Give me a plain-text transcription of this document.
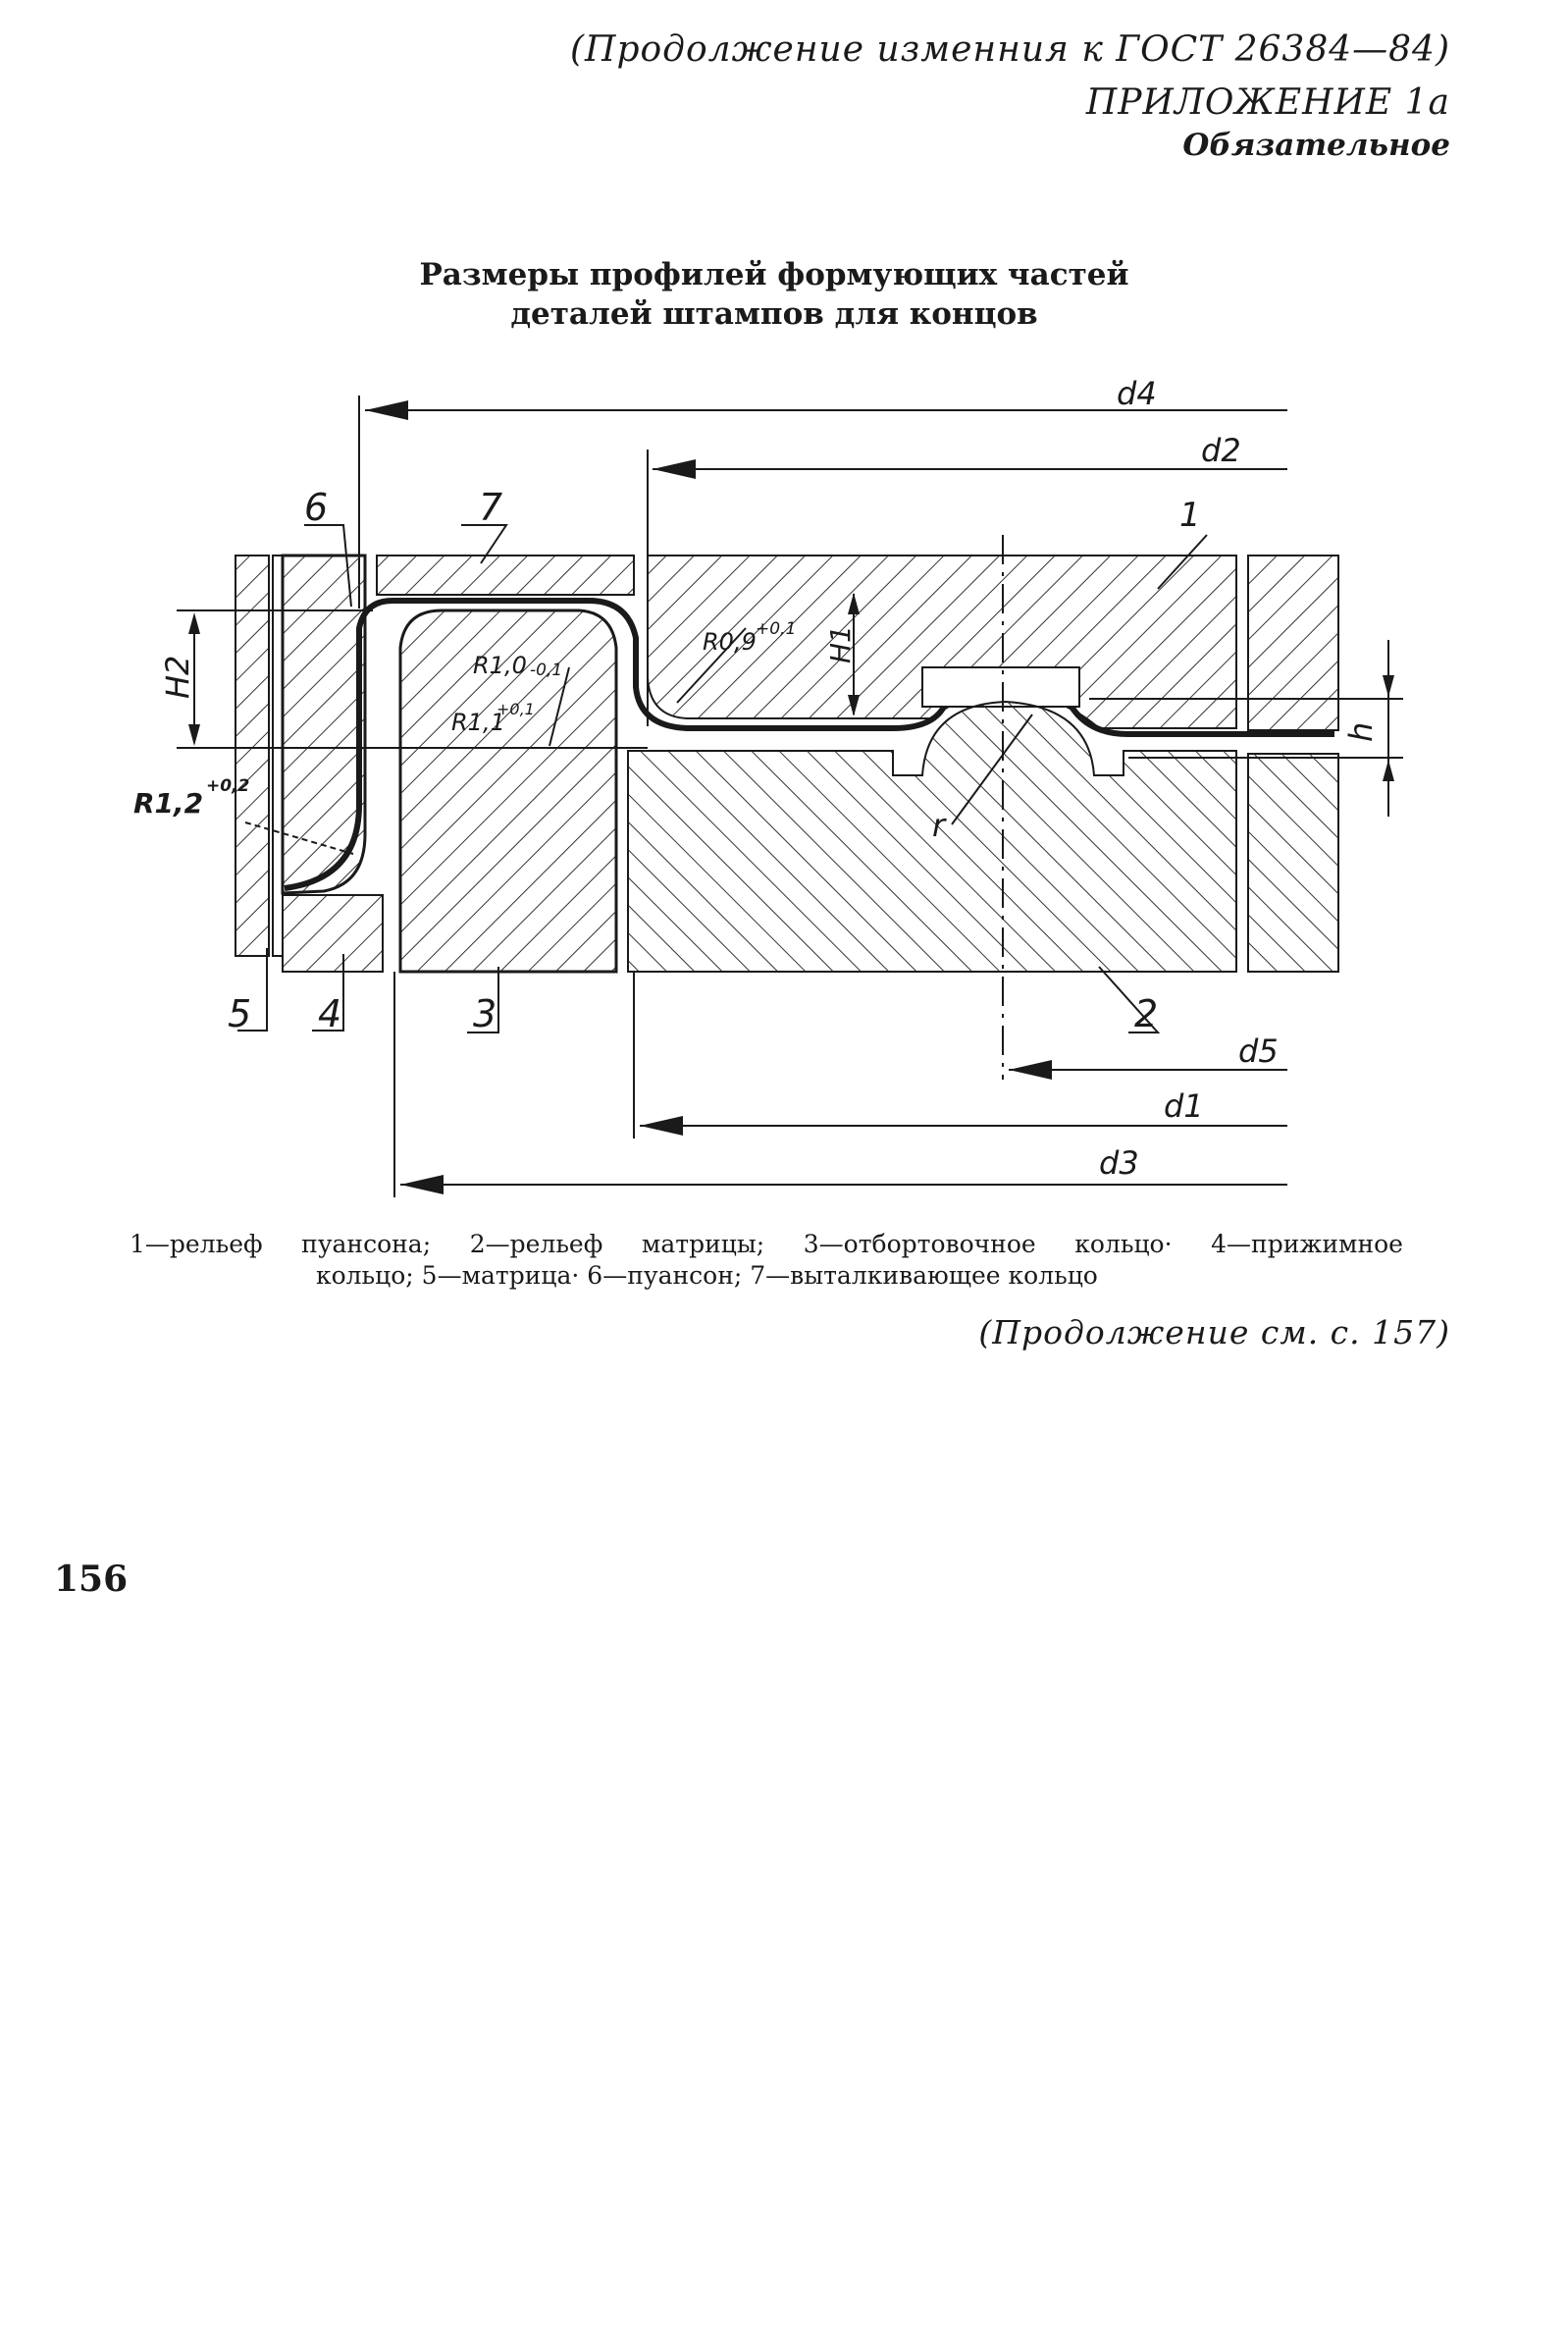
(Продолжение изменния к ГОСТ 26384—84)
ПРИЛОЖЕНИЕ 1а
Обязательное
Размеры профилей формующих частей
деталей штампов для концов
d4
d2
d5
d1
d3
H2
H1
h
r
R1,2
+0,2
R1,0 -0,1
R1,1
+0,1
R0,9 +0,1
1
2
3
4
5
6	7
1—рельеф пуансона; 2—рельеф матрицы; 3—отбортовочное кольцо· 4—прижимное
кольцо; 5—матрица· 6—пуансон; 7—выталкивающее кольцо
(Продолжение см. с. 157)
156
